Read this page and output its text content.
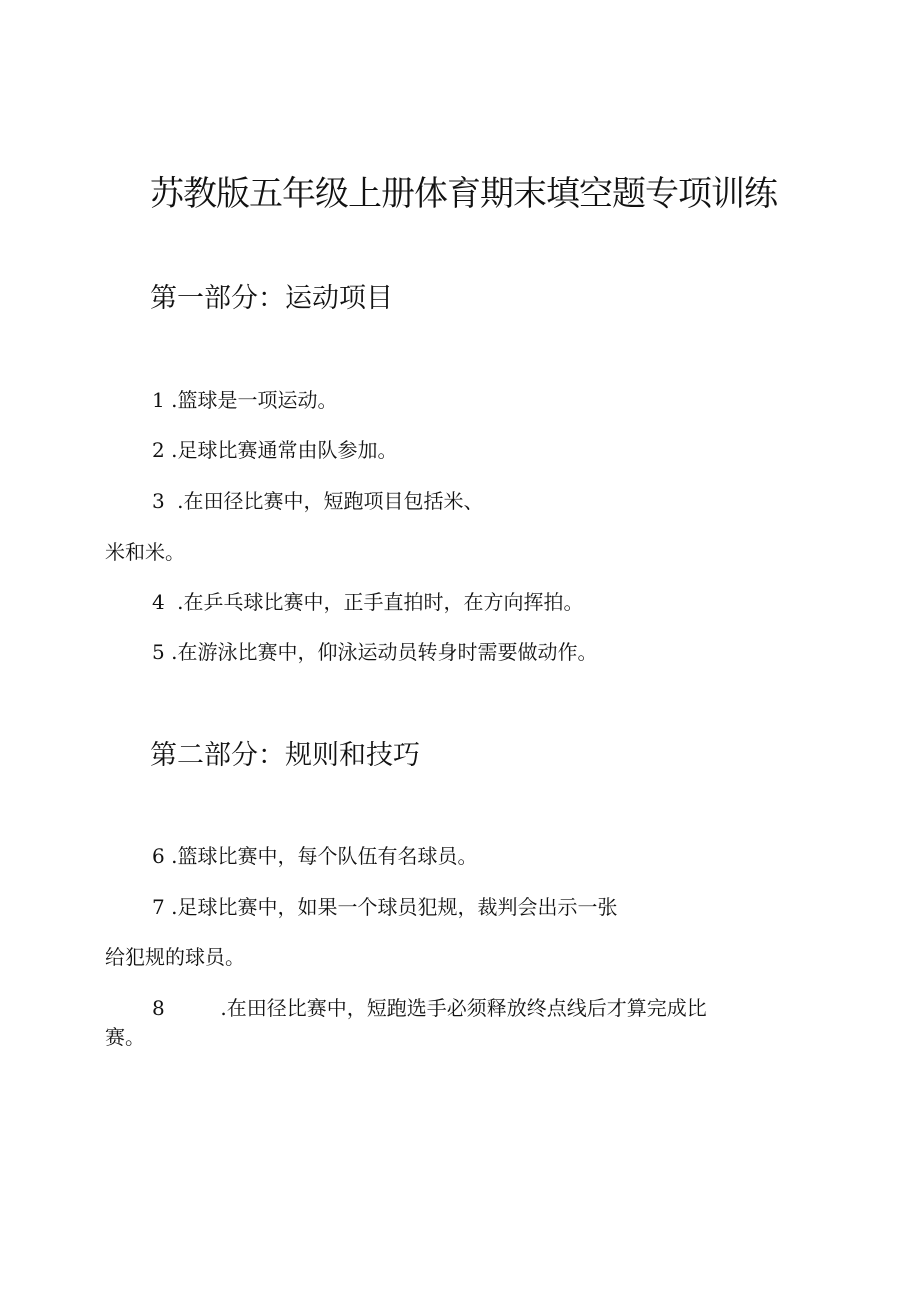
苏教版五年级上册体育期末填空题专项训练
第一部分：运动项目
1 .篮球是一项运动。
2 .足球比赛通常由队参加。
3 .在田径比赛中，短跑项目包括米、
米和米。
4 .在乒乓球比赛中，正手直拍时，在方向挥拍。
5 .在游泳比赛中，仰泳运动员转身时需要做动作。
第二部分：规则和技巧
6 .篮球比赛中，每个队伍有名球员。
7 .足球比赛中，如果一个球员犯规，裁判会出示一张
给犯规的球员。
8	.在田径比赛中，短跑选手必须释放终点线后才算完成比
赛。
